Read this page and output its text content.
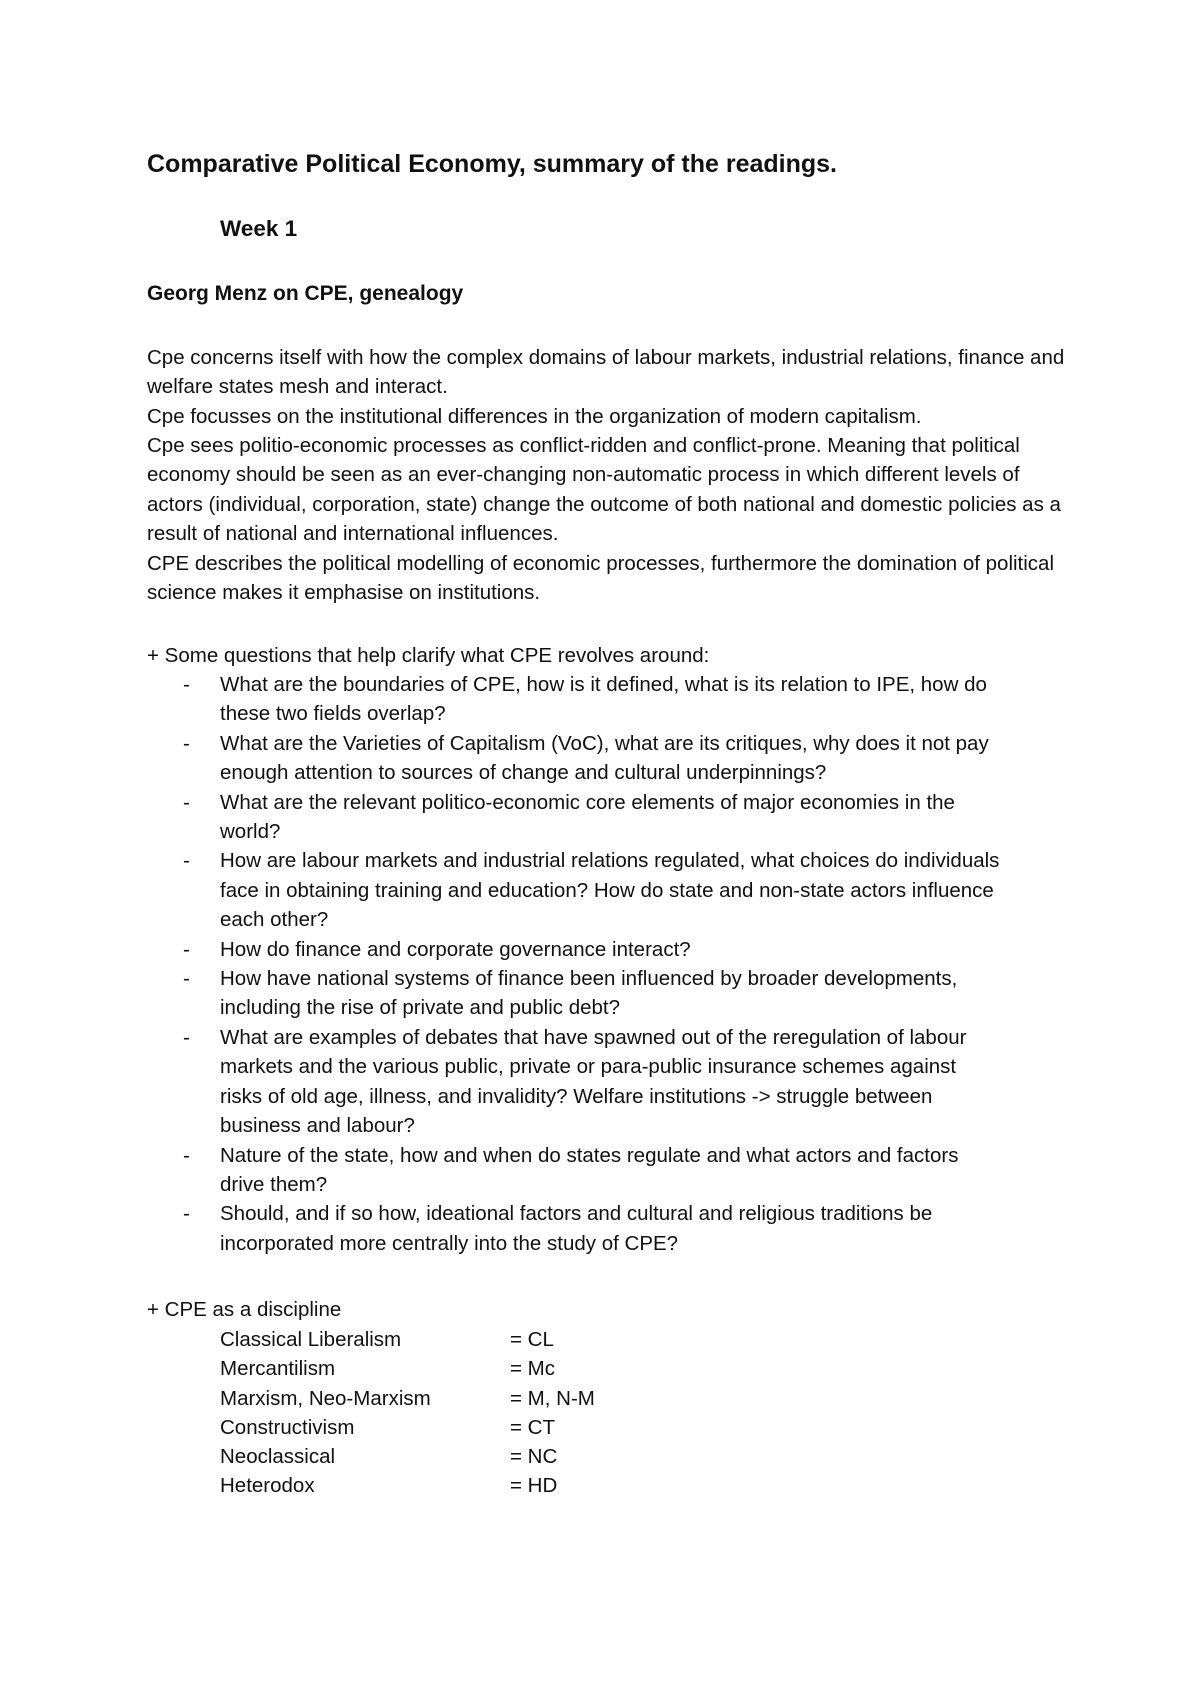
Comparative Political Economy, summary of the readings.
Week 1
Georg Menz on CPE, genealogy
Cpe concerns itself with how the complex domains of labour markets, industrial relations, finance and welfare states mesh and interact.
Cpe focusses on the institutional differences in the organization of modern capitalism.
Cpe sees politio-economic processes as conflict-ridden and conflict-prone. Meaning that political economy should be seen as an ever-changing non-automatic process in which different levels of actors (individual, corporation, state) change the outcome of both national and domestic policies as a result of national and international influences.
CPE describes the political modelling of economic processes, furthermore the domination of political science makes it emphasise on institutions.
+ Some questions that help clarify what CPE revolves around:
- What are the boundaries of CPE, how is it defined, what is its relation to IPE, how do these two fields overlap?
- What are the Varieties of Capitalism (VoC), what are its critiques, why does it not pay enough attention to sources of change and cultural underpinnings?
- What are the relevant politico-economic core elements of major economies in the world?
- How are labour markets and industrial relations regulated, what choices do individuals face in obtaining training and education? How do state and non-state actors influence each other?
- How do finance and corporate governance interact?
- How have national systems of finance been influenced by broader developments, including the rise of private and public debt?
- What are examples of debates that have spawned out of the reregulation of labour markets and the various public, private or para-public insurance schemes against risks of old age, illness, and invalidity? Welfare institutions -> struggle between business and labour?
- Nature of the state, how and when do states regulate and what actors and factors drive them?
- Should, and if so how, ideational factors and cultural and religious traditions be incorporated more centrally into the study of CPE?
+ CPE as a discipline
Classical Liberalism	= CL
Mercantilism	= Mc
Marxism, Neo-Marxism	= M, N-M
Constructivism	= CT
Neoclassical	= NC
Heterodox	= HD
